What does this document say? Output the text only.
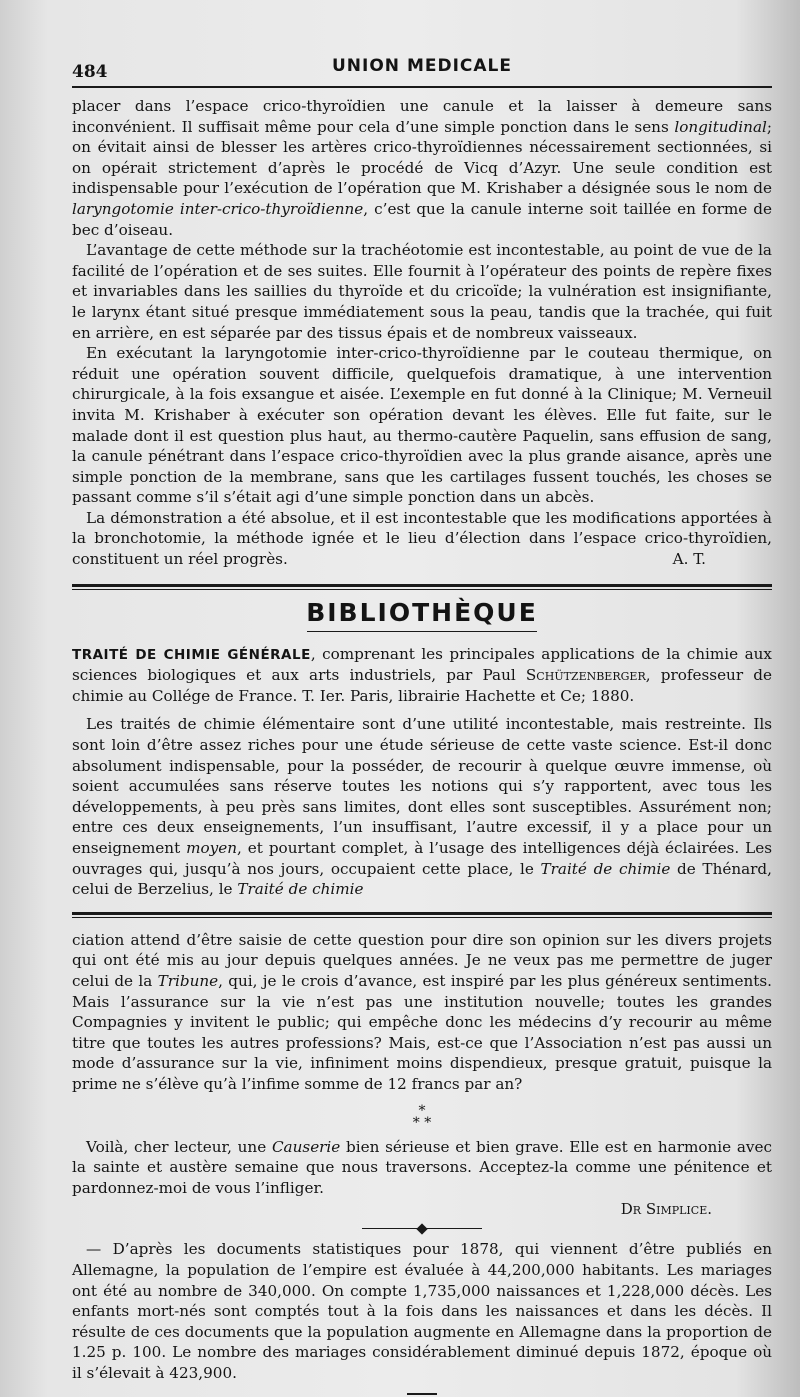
484	UNION MEDICALE

placer dans l’espace crico-thyroïdien une canule et la laisser à demeure sans inconvénient. Il suffisait même pour cela d’une simple ponction dans le sens longitudinal; on évitait ainsi de blesser les artères crico-thyroïdiennes nécessairement sectionnées, si on opérait strictement d’après le procédé de Vicq d’Azyr. Une seule condition est indispensable pour l’exécution de l’opération que M. Krishaber a désignée sous le nom de laryngotomie inter-crico-thyroïdienne, c’est que la canule interne soit taillée en forme de bec d’oiseau.

L’avantage de cette méthode sur la trachéotomie est incontestable, au point de vue de la facilité de l’opération et de ses suites. Elle fournit à l’opérateur des points de repère fixes et invariables dans les saillies du thyroïde et du cricoïde; la vulnération est insignifiante, le larynx étant situé presque immédiatement sous la peau, tandis que la trachée, qui fuit en arrière, en est séparée par des tissus épais et de nombreux vaisseaux.

En exécutant la laryngotomie inter-crico-thyroïdienne par le couteau thermique, on réduit une opération souvent difficile, quelquefois dramatique, à une intervention chirurgicale, à la fois exsangue et aisée. L’exemple en fut donné à la Clinique; M. Verneuil invita M. Krishaber à exécuter son opération devant les élèves. Elle fut faite, sur le malade dont il est question plus haut, au thermo-cautère Paquelin, sans effusion de sang, la canule pénétrant dans l’espace crico-thyroïdien avec la plus grande aisance, après une simple ponction de la membrane, sans que les cartilages fussent touchés, les choses se passant comme s’il s’était agi d’une simple ponction dans un abcès.

La démonstration a été absolue, et il est incontestable que les modifications apportées à la bronchotomie, la méthode ignée et le lieu d’élection dans l’espace crico-thyroïdien, constituent un réel progrès.	A. T.

BIBLIOTHÈQUE
TRAITÉ DE CHIMIE GÉNÉRALE, comprenant les principales applications de la chimie aux sciences biologiques et aux arts industriels, par Paul Schützenberger, professeur de chimie au Collége de France. T. Ier. Paris, librairie Hachette et Ce; 1880.

Les traités de chimie élémentaire sont d’une utilité incontestable, mais restreinte. Ils sont loin d’être assez riches pour une étude sérieuse de cette vaste science. Est-il donc absolument indispensable, pour la posséder, de recourir à quelque œuvre immense, où soient accumulées sans réserve toutes les notions qui s’y rapportent, avec tous les développements, à peu près sans limites, dont elles sont susceptibles. Assurément non; entre ces deux enseignements, l’un insuffisant, l’autre excessif, il y a place pour un enseignement moyen, et pourtant complet, à l’usage des intelligences déjà éclairées. Les ouvrages qui, jusqu’à nos jours, occupaient cette place, le Traité de chimie de Thénard, celui de Berzelius, le Traité de chimie

ciation attend d’être saisie de cette question pour dire son opinion sur les divers projets qui ont été mis au jour depuis quelques années. Je ne veux pas me permettre de juger celui de la Tribune, qui, je le crois d’avance, est inspiré par les plus généreux sentiments. Mais l’assurance sur la vie n’est pas une institution nouvelle; toutes les grandes Compagnies y invitent le public; qui empêche donc les médecins d’y recourir au même titre que toutes les autres professions? Mais, est-ce que l’Association n’est pas aussi un mode d’assurance sur la vie, infiniment moins dispendieux, presque gratuit, puisque la prime ne s’élève qu’à l’infime somme de 12 francs par an?

*
* *

Voilà, cher lecteur, une Causerie bien sérieuse et bien grave. Elle est en harmonie avec la sainte et austère semaine que nous traversons. Acceptez-la comme une pénitence et pardonnez-moi de vous l’infliger.

Dr Simplice.

— D’après les documents statistiques pour 1878, qui viennent d’être publiés en Allemagne, la population de l’empire est évaluée à 44,200,000 habitants. Les mariages ont été au nombre de 340,000. On compte 1,735,000 naissances et 1,228,000 décès. Les enfants mort-nés sont comptés tout à la fois dans les naissances et dans les décès. Il résulte de ces documents que la population augmente en Allemagne dans la proportion de 1.25 p. 100. Le nombre des mariages considérablement diminué depuis 1872, époque où il s’élevait à 423,900.
